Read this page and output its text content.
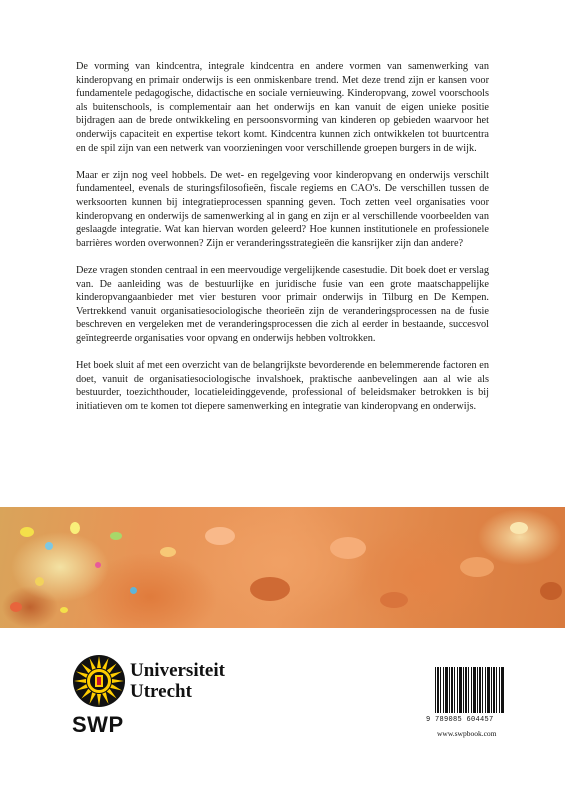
De vorming van kindcentra, integrale kindcentra en andere vormen van samenwerking van kinderopvang en primair onderwijs is een onmiskenbare trend. Met deze trend zijn er kansen voor fundamentele pedagogische, didactische en sociale vernieuwing. Kinderopvang, zowel voorschools als buitenschools, is complementair aan het onderwijs en kan vanuit de eigen unieke positie bijdragen aan de brede ontwikkeling en persoonsvorming van kinderen op gebieden waarvoor het onderwijs capaciteit en expertise tekort komt. Kindcentra kunnen zich ontwikkelen tot buurtcentra en de spil zijn van een netwerk van voorzieningen voor verschillende groepen burgers in de wijk.

Maar er zijn nog veel hobbels. De wet- en regelgeving voor kinderopvang en onderwijs verschilt fundamenteel, evenals de sturingsfilosofieën, fiscale regiems en CAO's. De verschillen tussen de werksoorten kunnen bij integratieprocessen spanning geven. Toch zetten veel organisaties voor kinderopvang en onderwijs de samenwerking al in gang en zijn er al verschillende voorbeelden van geslaagde integratie. Wat kan hiervan worden geleerd? Hoe kunnen institutionele en professionele barrières worden overwonnen? Zijn er veranderingsstrategieën die kansrijker zijn dan andere?

Deze vragen stonden centraal in een meervoudige vergelijkende casestudie. Dit boek doet er verslag van. De aanleiding was de bestuurlijke en juridische fusie van een grote maatschappelijke kinderopvangaanbieder met vier besturen voor primair onderwijs in Tilburg en De Kempen. Vertrekkend vanuit organisatiesociologische theorieën zijn de veranderingsprocessen na de fusie beschreven en vergeleken met de veranderingsprocessen die zich al eerder in bestaande, succesvol geïntegreerde organisaties voor opvang en onderwijs hebben voltrokken.

Het boek sluit af met een overzicht van de belangrijkste bevorderende en belemmerende factoren en doet, vanuit de organisatiesociologische invalshoek, praktische aanbevelingen aan al wie als bestuurder, toezichthouder, locatieleidinggevende, professional of beleidsmaker betrokken is bij initiatieven om te komen tot diepere samenwerking en integratie van kinderopvang en onderwijs.

Universiteit
Utrecht
SWP	9 789085 604457
www.swpbook.com
